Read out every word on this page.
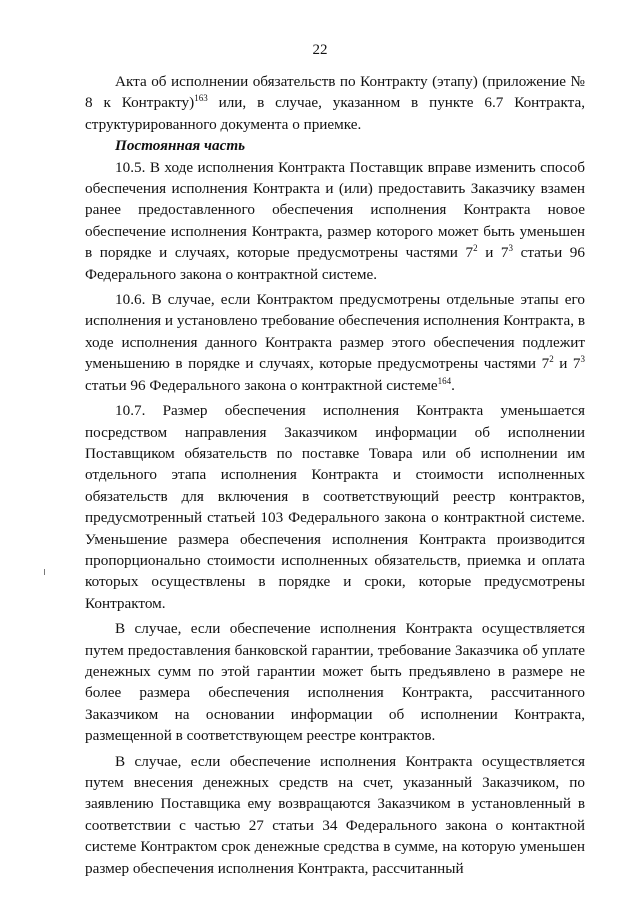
22

Акта об исполнении обязательств по Контракту (этапу) (приложение № 8 к Контракту)$^{163}$ или, в случае, указанном в пункте 6.7 Контракта, структурированного документа о приемке.

Постоянная часть

10.5. В ходе исполнения Контракта Поставщик вправе изменить способ обеспечения исполнения Контракта и (или) предоставить Заказчику взамен ранее предоставленного обеспечения исполнения Контракта новое обеспечение исполнения Контракта, размер которого может быть уменьшен в порядке и случаях, которые предусмотрены частями $7^2$ и $7^3$ статьи 96 Федерального закона о контрактной системе.

10.6. В случае, если Контрактом предусмотрены отдельные этапы его исполнения и установлено требование обеспечения исполнения Контракта, в ходе исполнения данного Контракта размер этого обеспечения подлежит уменьшению в порядке и случаях, которые предусмотрены частями $7^2$ и $7^3$ статьи 96 Федерального закона о контрактной системе$^{164}$.

10.7. Размер обеспечения исполнения Контракта уменьшается посредством направления Заказчиком информации об исполнении Поставщиком обязательств по поставке Товара или об исполнении им отдельного этапа исполнения Контракта и стоимости исполненных обязательств для включения в соответствующий реестр контрактов, предусмотренный статьей 103 Федерального закона о контрактной системе. Уменьшение размера обеспечения исполнения Контракта производится пропорционально стоимости исполненных обязательств, приемка и оплата которых осуществлены в порядке и сроки, которые предусмотрены Контрактом.

В случае, если обеспечение исполнения Контракта осуществляется путем предоставления банковской гарантии, требование Заказчика об уплате денежных сумм по этой гарантии может быть предъявлено в размере не более размера обеспечения исполнения Контракта, рассчитанного Заказчиком на основании информации об исполнении Контракта, размещенной в соответствующем реестре контрактов.

В случае, если обеспечение исполнения Контракта осуществляется путем внесения денежных средств на счет, указанный Заказчиком, по заявлению Поставщика ему возвращаются Заказчиком в установленный в соответствии с частью 27 статьи 34 Федерального закона о контактной системе Контрактом срок денежные средства в сумме, на которую уменьшен размер обеспечения исполнения Контракта, рассчитанный
